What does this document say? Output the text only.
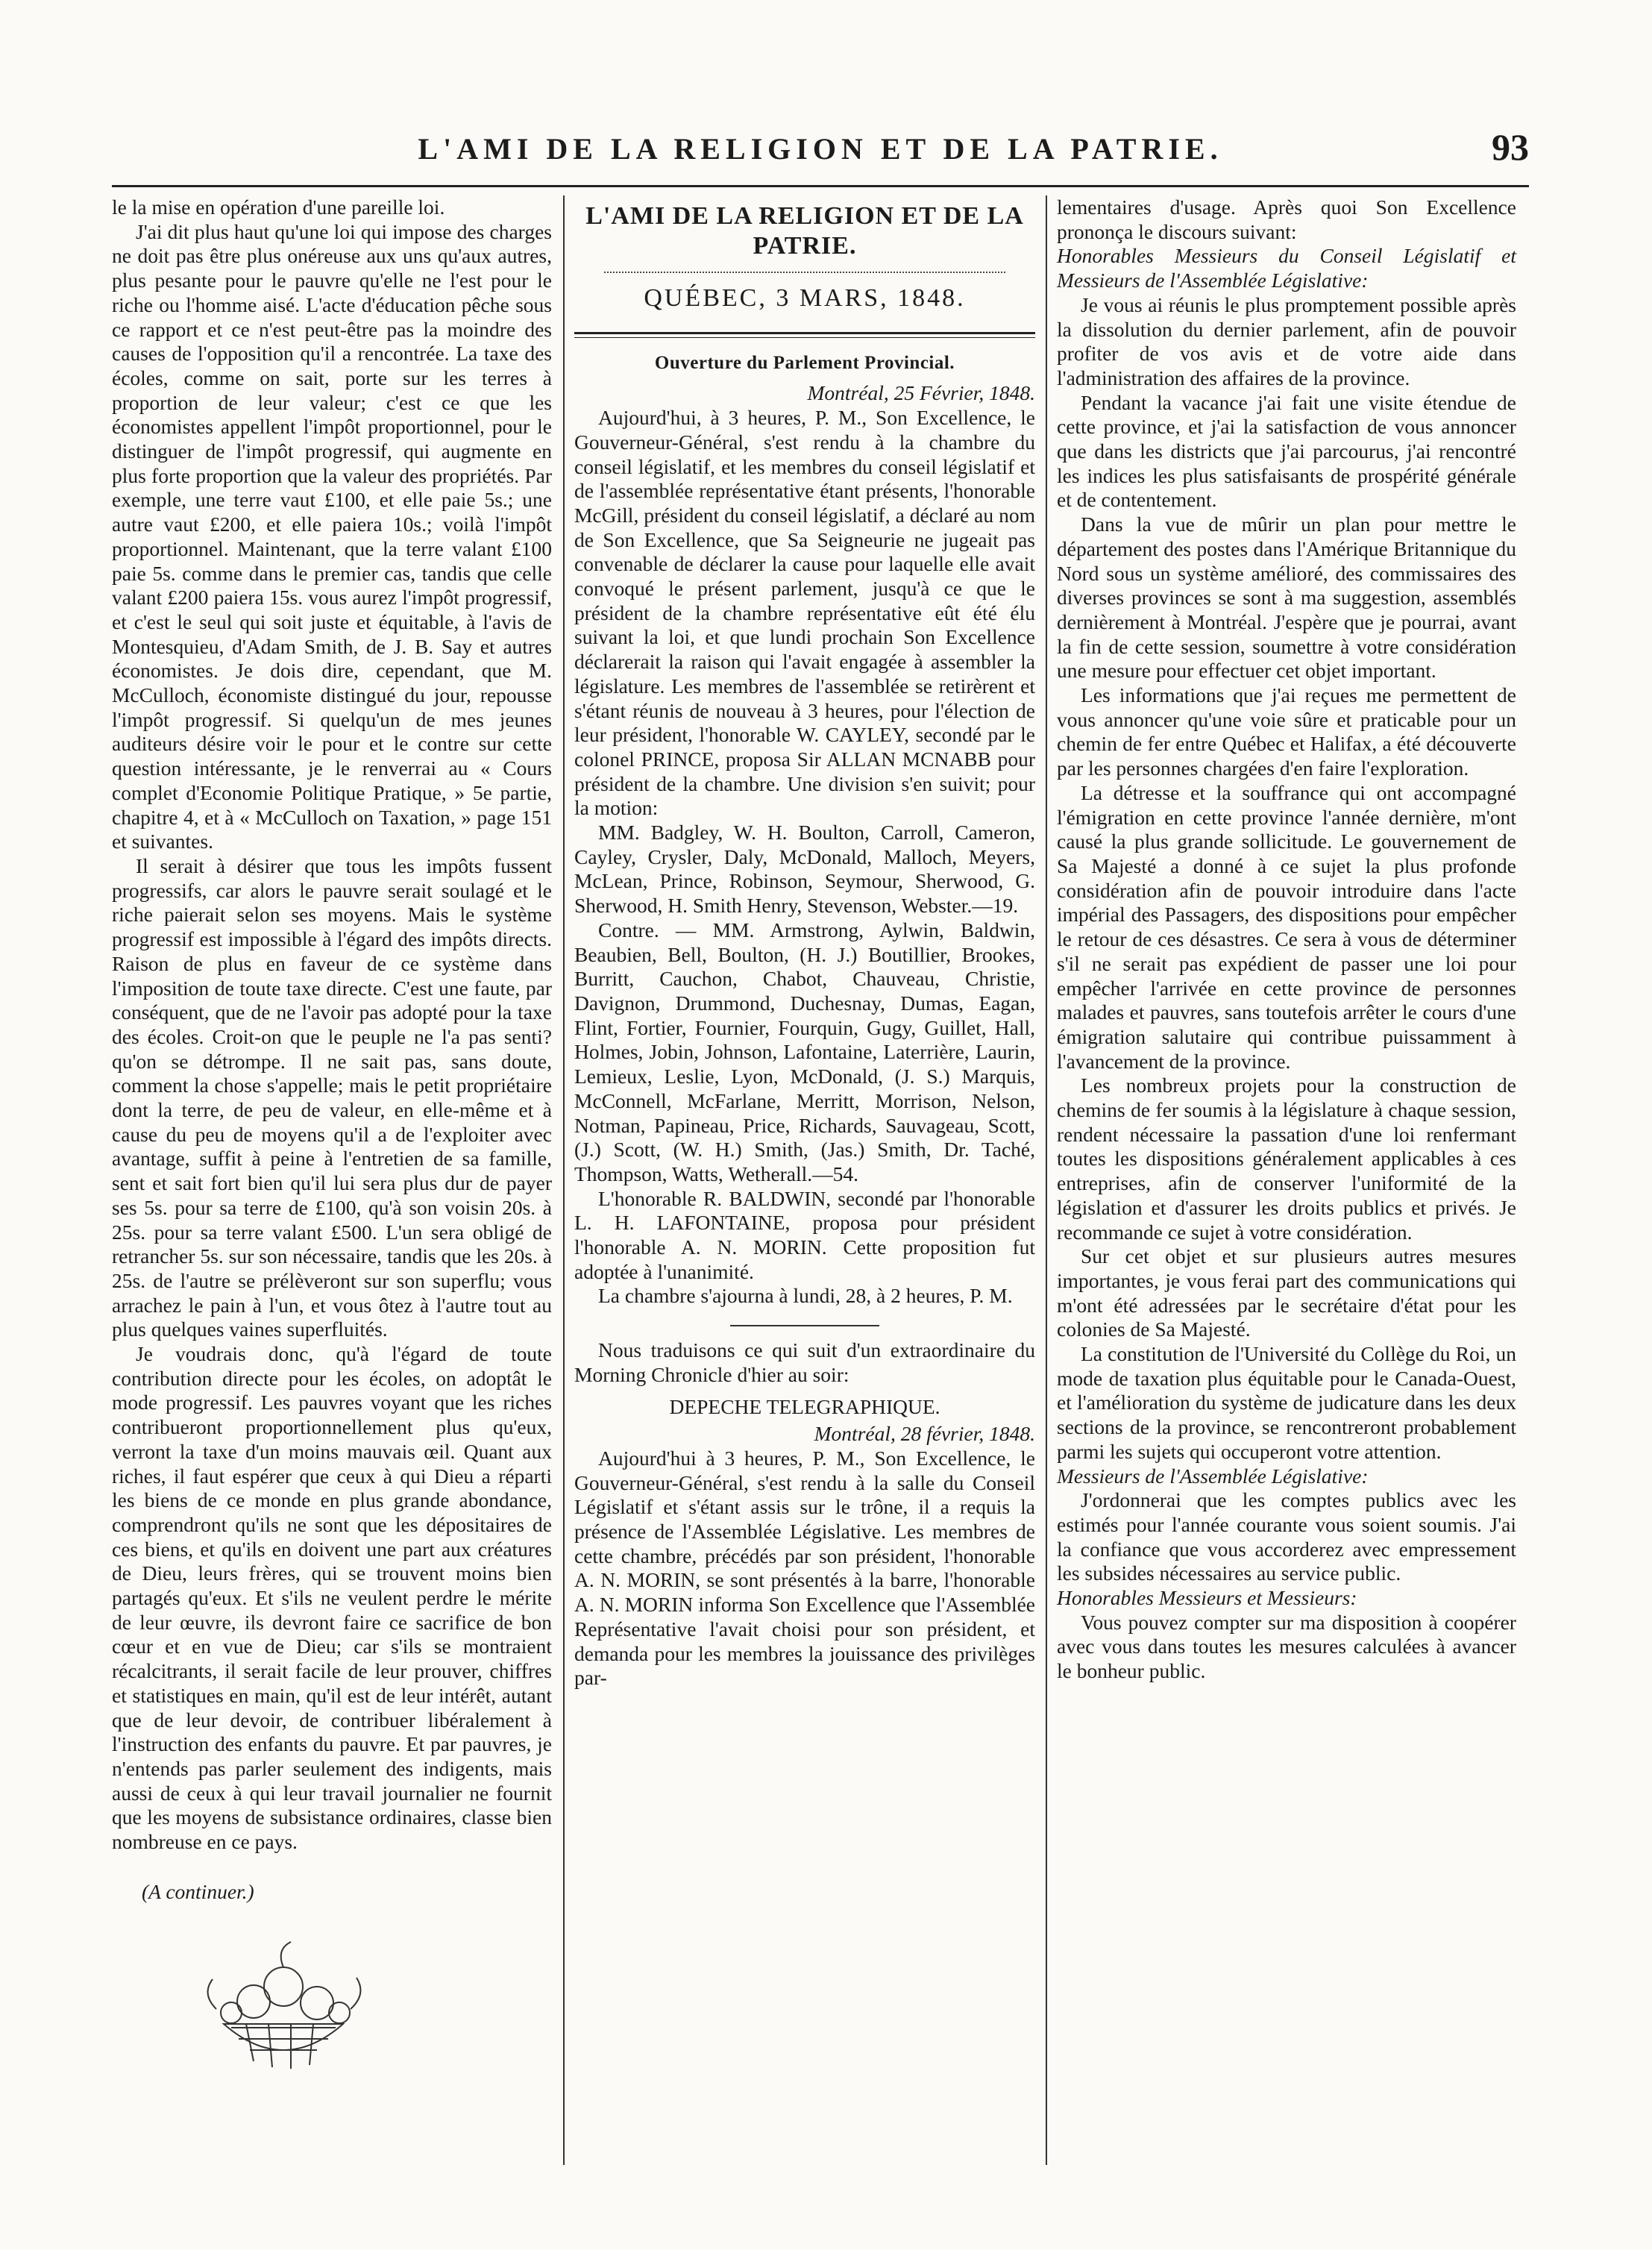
L'AMI DE LA RELIGION ET DE LA PATRIE.	93

le la mise en opération d'une pareille loi.

J'ai dit plus haut qu'une loi qui impose des charges ne doit pas être plus onéreuse aux uns qu'aux autres, plus pesante pour le pauvre qu'elle ne l'est pour le riche ou l'homme aisé. L'acte d'éducation pêche sous ce rapport et ce n'est peut-être pas la moindre des causes de l'opposition qu'il a rencontrée. La taxe des écoles, comme on sait, porte sur les terres à proportion de leur valeur; c'est ce que les économistes appellent l'impôt proportionnel, pour le distinguer de l'impôt progressif, qui augmente en plus forte proportion que la valeur des propriétés. Par exemple, une terre vaut £100, et elle paie 5s.; une autre vaut £200, et elle paiera 10s.; voilà l'impôt proportionnel. Maintenant, que la terre valant £100 paie 5s. comme dans le premier cas, tandis que celle valant £200 paiera 15s. vous aurez l'impôt progressif, et c'est le seul qui soit juste et équitable, à l'avis de Montesquieu, d'Adam Smith, de J. B. Say et autres économistes. Je dois dire, cependant, que M. McCulloch, économiste distingué du jour, repousse l'impôt progressif. Si quelqu'un de mes jeunes auditeurs désire voir le pour et le contre sur cette question intéressante, je le renverrai au « Cours complet d'Economie Politique Pratique, » 5e partie, chapitre 4, et à « McCulloch on Taxation, » page 151 et suivantes.

Il serait à désirer que tous les impôts fussent progressifs, car alors le pauvre serait soulagé et le riche paierait selon ses moyens. Mais le système progressif est impossible à l'égard des impôts directs. Raison de plus en faveur de ce système dans l'imposition de toute taxe directe. C'est une faute, par conséquent, que de ne l'avoir pas adopté pour la taxe des écoles. Croit-on que le peuple ne l'a pas senti? qu'on se détrompe. Il ne sait pas, sans doute, comment la chose s'appelle; mais le petit propriétaire dont la terre, de peu de valeur, en elle-même et à cause du peu de moyens qu'il a de l'exploiter avec avantage, suffit à peine à l'entretien de sa famille, sent et sait fort bien qu'il lui sera plus dur de payer ses 5s. pour sa terre de £100, qu'à son voisin 20s. à 25s. pour sa terre valant £500. L'un sera obligé de retrancher 5s. sur son nécessaire, tandis que les 20s. à 25s. de l'autre se prélèveront sur son superflu; vous arrachez le pain à l'un, et vous ôtez à l'autre tout au plus quelques vaines superfluités.

Je voudrais donc, qu'à l'égard de toute contribution directe pour les écoles, on adoptât le mode progressif. Les pauvres voyant que les riches contribueront proportionnellement plus qu'eux, verront la taxe d'un moins mauvais œil. Quant aux riches, il faut espérer que ceux à qui Dieu a réparti les biens de ce monde en plus grande abondance, comprendront qu'ils ne sont que les dépositaires de ces biens, et qu'ils en doivent une part aux créatures de Dieu, leurs frères, qui se trouvent moins bien partagés qu'eux. Et s'ils ne veulent perdre le mérite de leur œuvre, ils devront faire ce sacrifice de bon cœur et en vue de Dieu; car s'ils se montraient récalcitrants, il serait facile de leur prouver, chiffres et statistiques en main, qu'il est de leur intérêt, autant que de leur devoir, de contribuer libéralement à l'instruction des enfants du pauvre. Et par pauvres, je n'entends pas parler seulement des indigents, mais aussi de ceux à qui leur travail journalier ne fournit que les moyens de subsistance ordinaires, classe bien nombreuse en ce pays.

(A continuer.)
L'AMI DE LA RELIGION ET DE LA PATRIE.
QUÉBEC, 3 MARS, 1848.
Ouverture du Parlement Provincial.
Montréal, 25 Février, 1848.

Aujourd'hui, à 3 heures, P. M., Son Excellence, le Gouverneur-Général, s'est rendu à la chambre du conseil législatif, et les membres du conseil législatif et de l'assemblée représentative étant présents, l'honorable McGill, président du conseil législatif, a déclaré au nom de Son Excellence, que Sa Seigneurie ne jugeait pas convenable de déclarer la cause pour laquelle elle avait convoqué le présent parlement, jusqu'à ce que le président de la chambre représentative eût été élu suivant la loi, et que lundi prochain Son Excellence déclarerait la raison qui l'avait engagée à assembler la législature. Les membres de l'assemblée se retirèrent et s'étant réunis de nouveau à 3 heures, pour l'élection de leur président, l'honorable W. CAYLEY, secondé par le colonel PRINCE, proposa Sir ALLAN MCNABB pour président de la chambre. Une division s'en suivit; pour la motion:

MM. Badgley, W. H. Boulton, Carroll, Cameron, Cayley, Crysler, Daly, McDonald, Malloch, Meyers, McLean, Prince, Robinson, Seymour, Sherwood, G. Sherwood, H. Smith Henry, Stevenson, Webster.—19.

Contre. — MM. Armstrong, Aylwin, Baldwin, Beaubien, Bell, Boulton, (H. J.) Boutillier, Brookes, Burritt, Cauchon, Chabot, Chauveau, Christie, Davignon, Drummond, Duchesnay, Dumas, Eagan, Flint, Fortier, Fournier, Fourquin, Gugy, Guillet, Hall, Holmes, Jobin, Johnson, Lafontaine, Laterrière, Laurin, Lemieux, Leslie, Lyon, McDonald, (J. S.) Marquis, McConnell, McFarlane, Merritt, Morrison, Nelson, Notman, Papineau, Price, Richards, Sauvageau, Scott, (J.) Scott, (W. H.) Smith, (Jas.) Smith, Dr. Taché, Thompson, Watts, Wetherall.—54.

L'honorable R. BALDWIN, secondé par l'honorable L. H. LAFONTAINE, proposa pour président l'honorable A. N. MORIN. Cette proposition fut adoptée à l'unanimité.

La chambre s'ajourna à lundi, 28, à 2 heures, P. M.

Nous traduisons ce qui suit d'un extraordinaire du Morning Chronicle d'hier au soir:

DEPECHE TELEGRAPHIQUE.
Montréal, 28 février, 1848.

Aujourd'hui à 3 heures, P. M., Son Excellence, le Gouverneur-Général, s'est rendu à la salle du Conseil Législatif et s'étant assis sur le trône, il a requis la présence de l'Assemblée Législative. Les membres de cette chambre, précédés par son président, l'honorable A. N. MORIN, se sont présentés à la barre, l'honorable A. N. MORIN informa Son Excellence que l'Assemblée Représentative l'avait choisi pour son président, et demanda pour les membres la jouissance des privilèges par-

lementaires d'usage. Après quoi Son Excellence prononça le discours suivant:

Honorables Messieurs du Conseil Législatif et Messieurs de l'Assemblée Législative:

Je vous ai réunis le plus promptement possible après la dissolution du dernier parlement, afin de pouvoir profiter de vos avis et de votre aide dans l'administration des affaires de la province.

Pendant la vacance j'ai fait une visite étendue de cette province, et j'ai la satisfaction de vous annoncer que dans les districts que j'ai parcourus, j'ai rencontré les indices les plus satisfaisants de prospérité générale et de contentement.

Dans la vue de mûrir un plan pour mettre le département des postes dans l'Amérique Britannique du Nord sous un système amélioré, des commissaires des diverses provinces se sont à ma suggestion, assemblés dernièrement à Montréal. J'espère que je pourrai, avant la fin de cette session, soumettre à votre considération une mesure pour effectuer cet objet important.

Les informations que j'ai reçues me permettent de vous annoncer qu'une voie sûre et praticable pour un chemin de fer entre Québec et Halifax, a été découverte par les personnes chargées d'en faire l'exploration.

La détresse et la souffrance qui ont accompagné l'émigration en cette province l'année dernière, m'ont causé la plus grande sollicitude. Le gouvernement de Sa Majesté a donné à ce sujet la plus profonde considération afin de pouvoir introduire dans l'acte impérial des Passagers, des dispositions pour empêcher le retour de ces désastres. Ce sera à vous de déterminer s'il ne serait pas expédient de passer une loi pour empêcher l'arrivée en cette province de personnes malades et pauvres, sans toutefois arrêter le cours d'une émigration salutaire qui contribue puissamment à l'avancement de la province.

Les nombreux projets pour la construction de chemins de fer soumis à la législature à chaque session, rendent nécessaire la passation d'une loi renfermant toutes les dispositions généralement applicables à ces entreprises, afin de conserver l'uniformité de la législation et d'assurer les droits publics et privés. Je recommande ce sujet à votre considération.

Sur cet objet et sur plusieurs autres mesures importantes, je vous ferai part des communications qui m'ont été adressées par le secrétaire d'état pour les colonies de Sa Majesté.

La constitution de l'Université du Collège du Roi, un mode de taxation plus équitable pour le Canada-Ouest, et l'amélioration du système de judicature dans les deux sections de la province, se rencontreront probablement parmi les sujets qui occuperont votre attention.

Messieurs de l'Assemblée Législative:

J'ordonnerai que les comptes publics avec les estimés pour l'année courante vous soient soumis. J'ai la confiance que vous accorderez avec empressement les subsides nécessaires au service public.

Honorables Messieurs et Messieurs:

Vous pouvez compter sur ma disposition à coopérer avec vous dans toutes les mesures calculées à avancer le bonheur public.
